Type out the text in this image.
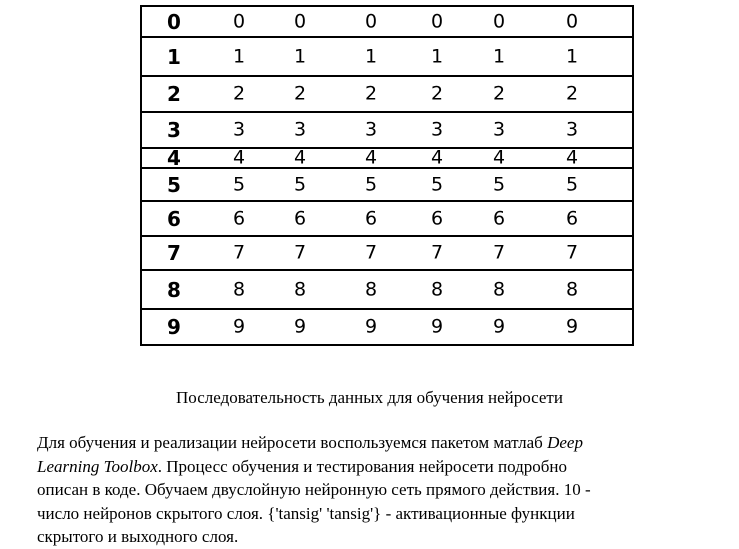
0	0	0	0	0	0	0
1	1	1	1	1	1	1
2	2	2	2	2	2	2
3	3	3	3	3	3	3
4	4	4	4	4	4	4
5	5	5	5	5	5	5
6	6	6	6	6	6	6
7	7	7	7	7	7	7
8	8	8	8	8	8	8
9	9	9	9	9	9	9
Последовательность данных для обучения нейросети
Для обучения и реализации нейросети воспользуемся пакетом матлаб Deep
Learning Toolbox. Процесс обучения и тестирования нейросети подробно
описан в коде. Обучаем двуслойную нейронную сеть прямого действия. 10 -
число нейронов скрытого слоя. {'tansig' 'tansig'} - активационные функции
скрытого и выходного слоя.
